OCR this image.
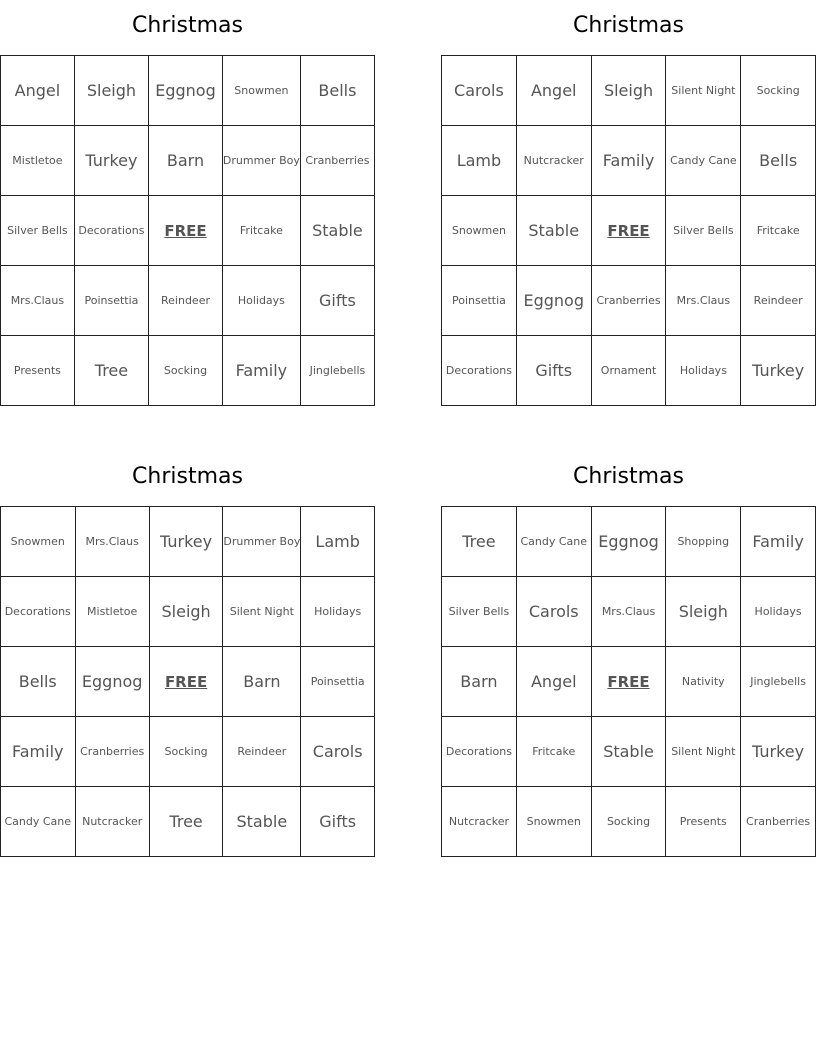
Christmas
Angel	Sleigh	Eggnog	Snowmen	Bells
Mistletoe	Turkey	Barn	Drummer Boy	Cranberries
Silver Bells	Decorations	FREE	Fritcake	Stable
Mrs.Claus	Poinsettia	Reindeer	Holidays	Gifts
Presents	Tree	Socking	Family	Jinglebells
Christmas
Carols	Angel	Sleigh	Silent Night	Socking
Lamb	Nutcracker	Family	Candy Cane	Bells
Snowmen	Stable	FREE	Silver Bells	Fritcake
Poinsettia	Eggnog	Cranberries	Mrs.Claus	Reindeer
Decorations	Gifts	Ornament	Holidays	Turkey
Christmas
Snowmen	Mrs.Claus	Turkey	Drummer Boy	Lamb
Decorations	Mistletoe	Sleigh	Silent Night	Holidays
Bells	Eggnog	FREE	Barn	Poinsettia
Family	Cranberries	Socking	Reindeer	Carols
Candy Cane	Nutcracker	Tree	Stable	Gifts
Christmas
Tree	Candy Cane	Eggnog	Shopping	Family
Silver Bells	Carols	Mrs.Claus	Sleigh	Holidays
Barn	Angel	FREE	Nativity	Jinglebells
Decorations	Fritcake	Stable	Silent Night	Turkey
Nutcracker	Snowmen	Socking	Presents	Cranberries
